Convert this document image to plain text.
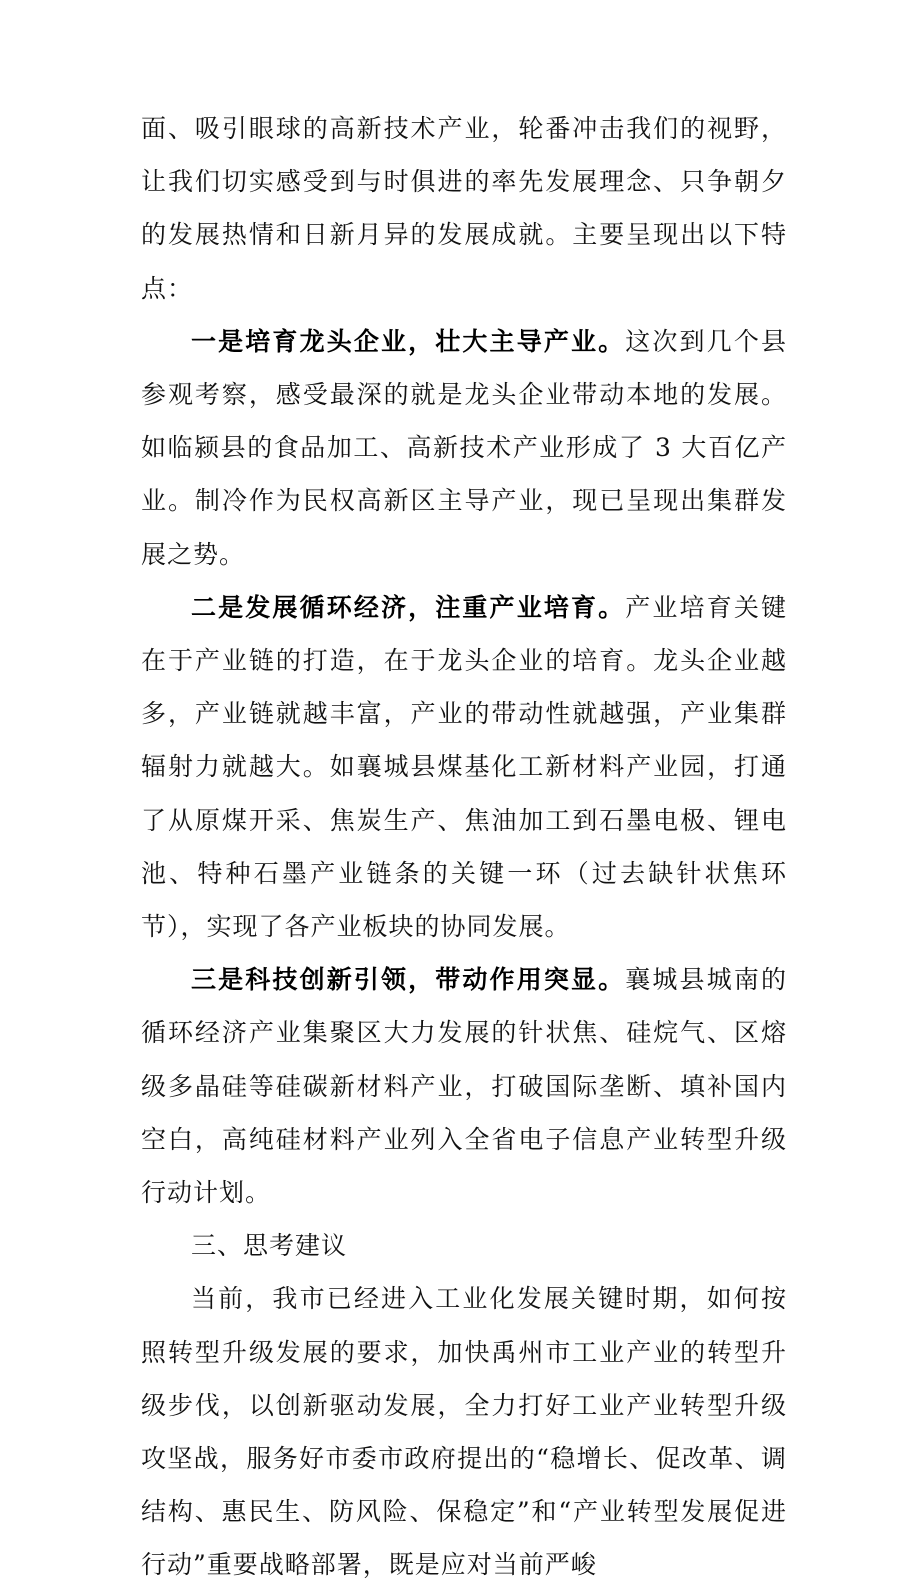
面、吸引眼球的高新技术产业，轮番冲击我们的视野，让我们切实感受到与时俱进的率先发展理念、只争朝夕的发展热情和日新月异的发展成就。主要呈现出以下特点：

一是培育龙头企业，壮大主导产业。这次到几个县参观考察，感受最深的就是龙头企业带动本地的发展。如临颍县的食品加工、高新技术产业形成了 3 大百亿产业。制冷作为民权高新区主导产业，现已呈现出集群发展之势。

二是发展循环经济，注重产业培育。产业培育关键在于产业链的打造，在于龙头企业的培育。龙头企业越多，产业链就越丰富，产业的带动性就越强，产业集群辐射力就越大。如襄城县煤基化工新材料产业园，打通了从原煤开采、焦炭生产、焦油加工到石墨电极、锂电池、特种石墨产业链条的关键一环（过去缺针状焦环节），实现了各产业板块的协同发展。

三是科技创新引领，带动作用突显。襄城县城南的循环经济产业集聚区大力发展的针状焦、硅烷气、区熔级多晶硅等硅碳新材料产业，打破国际垄断、填补国内空白，高纯硅材料产业列入全省电子信息产业转型升级行动计划。

三、思考建议

当前，我市已经进入工业化发展关键时期，如何按照转型升级发展的要求，加快禹州市工业产业的转型升级步伐，以创新驱动发展，全力打好工业产业转型升级攻坚战，服务好市委市政府提出的“稳增长、促改革、调结构、惠民生、防风险、保稳定”和“产业转型发展促进行动”重要战略部署，既是应对当前严峻
